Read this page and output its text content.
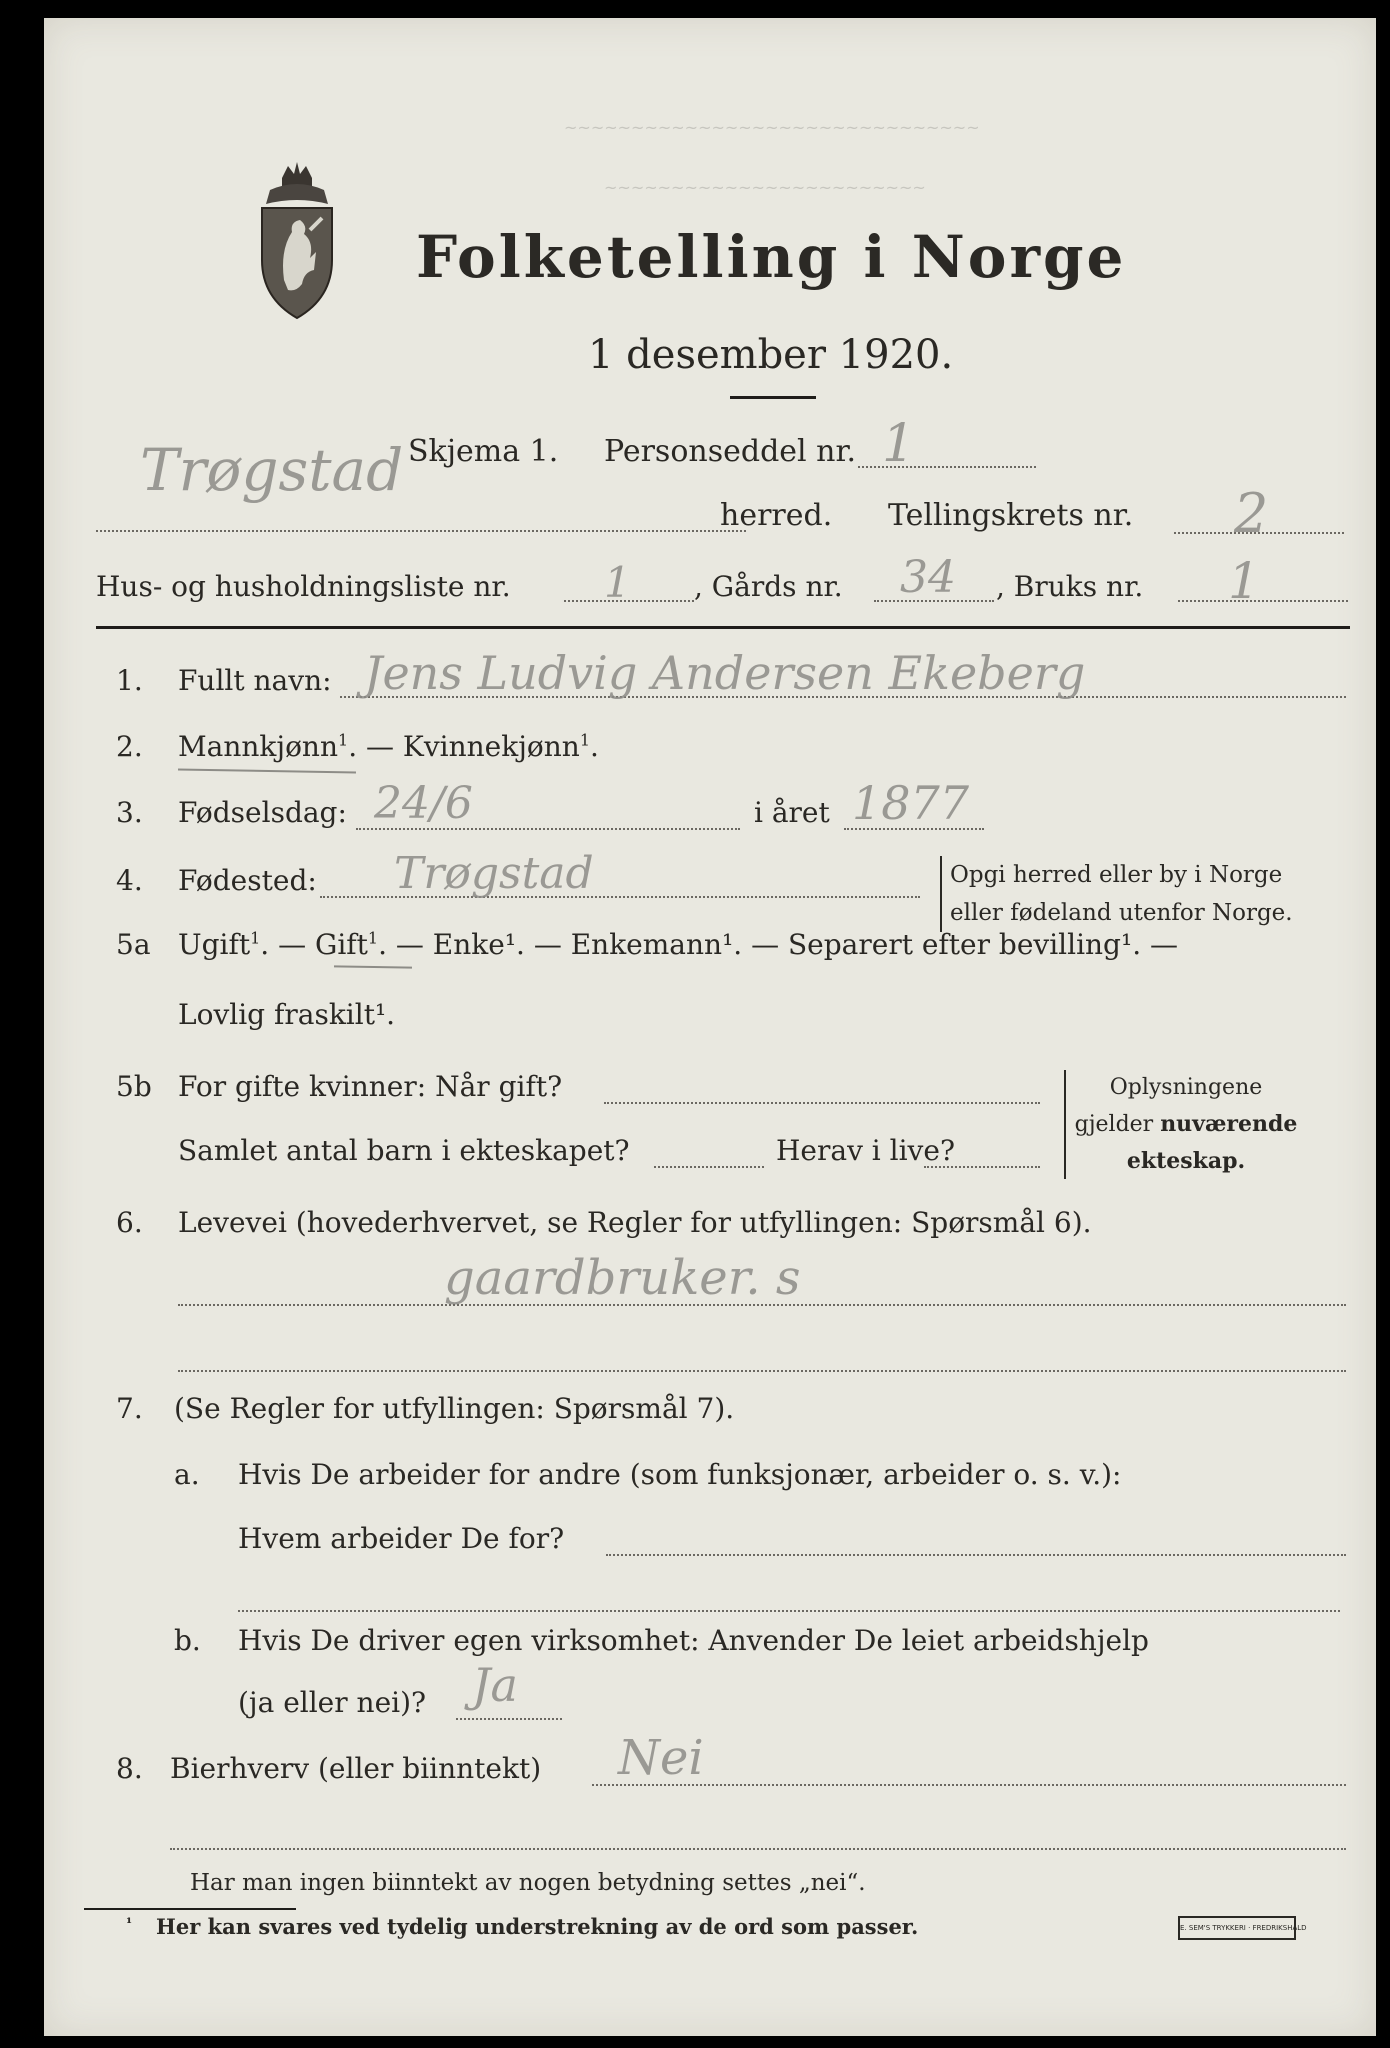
~~~~~~~~~~~~~~~~~~~~~~~~~~~~~~~
~~~~~~~~~~~~~~~~~~~~~~~~
Folketelling i Norge
1 desember 1920.
Skjema 1. Personseddel nr. 1
Trøgstad
herred. Tellingskrets nr. 2
Hus- og husholdningsliste nr. 1 , Gårds nr. 34 , Bruks nr. 1
1. Fullt navn: Jens Ludvig Andersen Ekeberg
2. Mannkjønn$^1$. — Kvinnekjønn$^1$.
3. Fødselsdag: 24/6	i året 1877
4. Fødested: Trøgstad	Opgi herred eller by i Norge
eller fødeland utenfor Norge.
5a Ugift$^1$. — Gift$^1$. — Enke¹. — Enkemann¹. — Separert efter bevilling¹. —
Lovlig fraskilt¹.
5b For gifte kvinner: Når gift?
Samlet antal barn i ekteskapet?	Herav i live?
Oplysningene
gjelder nuværende
ekteskap.
6. Levevei (hovederhvervet, se Regler for utfyllingen: Spørsmål 6).
gaardbruker. s
7. (Se Regler for utfyllingen: Spørsmål 7).
a. Hvis De arbeider for andre (som funksjonær, arbeider o. s. v.):
Hvem arbeider De for?
b. Hvis De driver egen virksomhet: Anvender De leiet arbeidshjelp
(ja eller nei)? Ja
8. Bierhverv (eller biinntekt) Nei
Har man ingen biinntekt av nogen betydning settes „nei“.
¹ Her kan svares ved tydelig understrekning av de ord som passer.	E. SEM'S TRYKKERI · FREDRIKSHALD
